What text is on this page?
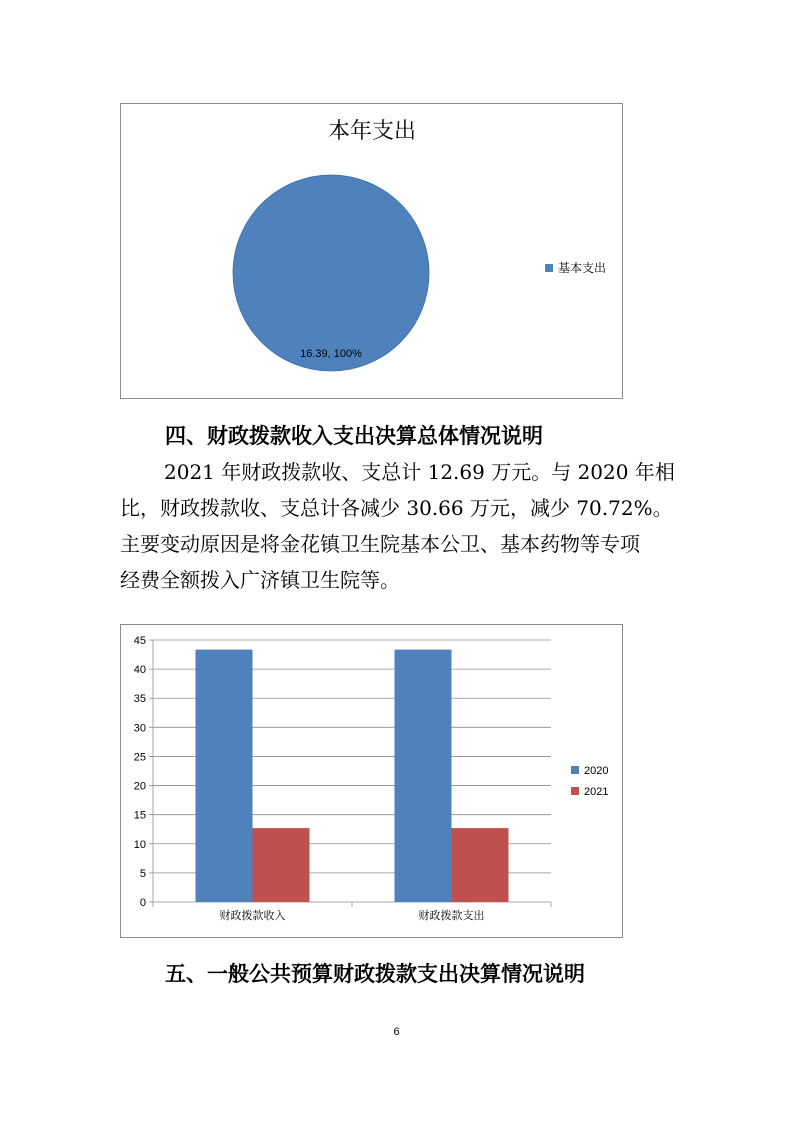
本年支出
16.39, 100%
基本支出
四、财政拨款收入支出决算总体情况说明
2021 年财政拨款收、支总计 12.69 万元。与 2020 年相
比，财政拨款收、支总计各减少 30.66 万元，减少 70.72%。
主要变动原因是将金花镇卫生院基本公卫、基本药物等专项
经费全额拨入广济镇卫生院等。
0
5
10
15
20
25
30
35
40
45
财政拨款收入	财政拨款支出
2020
2021
五、一般公共预算财政拨款支出决算情况说明
6
